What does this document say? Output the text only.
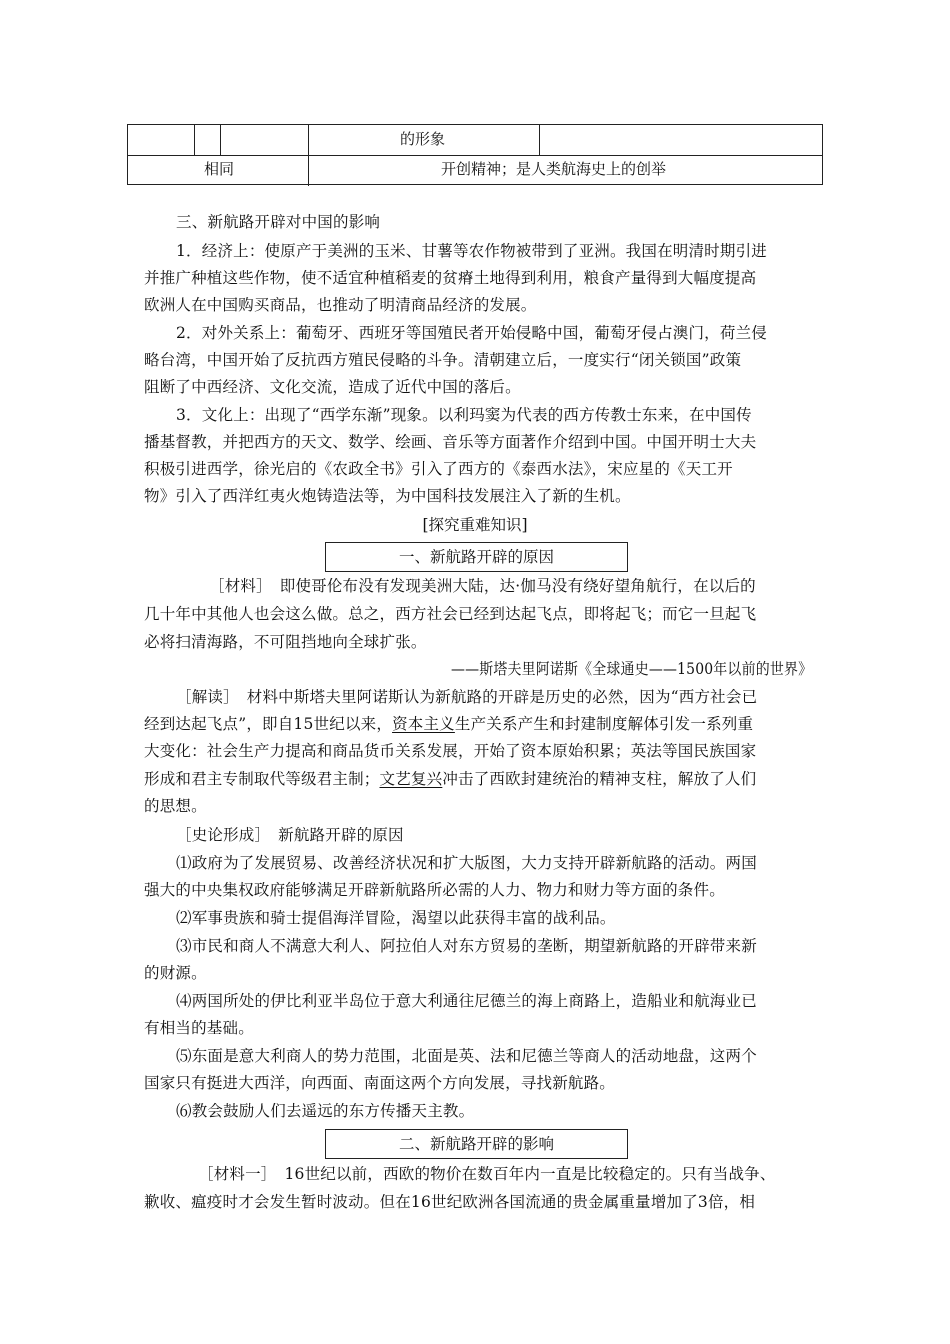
的形象
相同	开创精神；是人类航海史上的创举
三、新航路开辟对中国的影响
1．经济上：使原产于美洲的玉米、甘薯等农作物被带到了亚洲。我国在明清时期引进
并推广种植这些作物，使不适宜种植稻麦的贫瘠土地得到利用，粮食产量得到大幅度提高
欧洲人在中国购买商品，也推动了明清商品经济的发展。
2．对外关系上：葡萄牙、西班牙等国殖民者开始侵略中国，葡萄牙侵占澳门，荷兰侵
略台湾，中国开始了反抗西方殖民侵略的斗争。清朝建立后，一度实行“闭关锁国”政策
阻断了中西经济、文化交流，造成了近代中国的落后。
3．文化上：出现了“西学东渐”现象。以利玛窦为代表的西方传教士东来，在中国传
播基督教，并把西方的天文、数学、绘画、音乐等方面著作介绍到中国。中国开明士大夫
积极引进西学，徐光启的《农政全书》引入了西方的《泰西水法》，宋应星的《天工开
物》引入了西洋红夷火炮铸造法等，为中国科技发展注入了新的生机。
[探究重难知识]
一、新航路开辟的原因
［材料］　即使哥伦布没有发现美洲大陆，达·伽马没有绕好望角航行，在以后的
几十年中其他人也会这么做。总之，西方社会已经到达起飞点，即将起飞；而它一旦起飞
必将扫清海路，不可阻挡地向全球扩张。
——斯塔夫里阿诺斯《全球通史——1500年以前的世界》
［解读］　材料中斯塔夫里阿诺斯认为新航路的开辟是历史的必然，因为“西方社会已
经到达起飞点”，即自15世纪以来，资本主义生产关系产生和封建制度解体引发一系列重
大变化：社会生产力提高和商品货币关系发展，开始了资本原始积累；英法等国民族国家
形成和君主专制取代等级君主制；文艺复兴冲击了西欧封建统治的精神支柱，解放了人们
的思想。
［史论形成］　新航路开辟的原因
⑴政府为了发展贸易、改善经济状况和扩大版图，大力支持开辟新航路的活动。两国
强大的中央集权政府能够满足开辟新航路所必需的人力、物力和财力等方面的条件。
⑵军事贵族和骑士提倡海洋冒险，渴望以此获得丰富的战利品。
⑶市民和商人不满意大利人、阿拉伯人对东方贸易的垄断，期望新航路的开辟带来新
的财源。
⑷两国所处的伊比利亚半岛位于意大利通往尼德兰的海上商路上，造船业和航海业已
有相当的基础。
⑸东面是意大利商人的势力范围，北面是英、法和尼德兰等商人的活动地盘，这两个
国家只有挺进大西洋，向西面、南面这两个方向发展，寻找新航路。
⑹教会鼓励人们去遥远的东方传播天主教。
二、新航路开辟的影响
［材料一］　16世纪以前，西欧的物价在数百年内一直是比较稳定的。只有当战争、
歉收、瘟疫时才会发生暂时波动。但在16世纪欧洲各国流通的贵金属重量增加了3倍，相
